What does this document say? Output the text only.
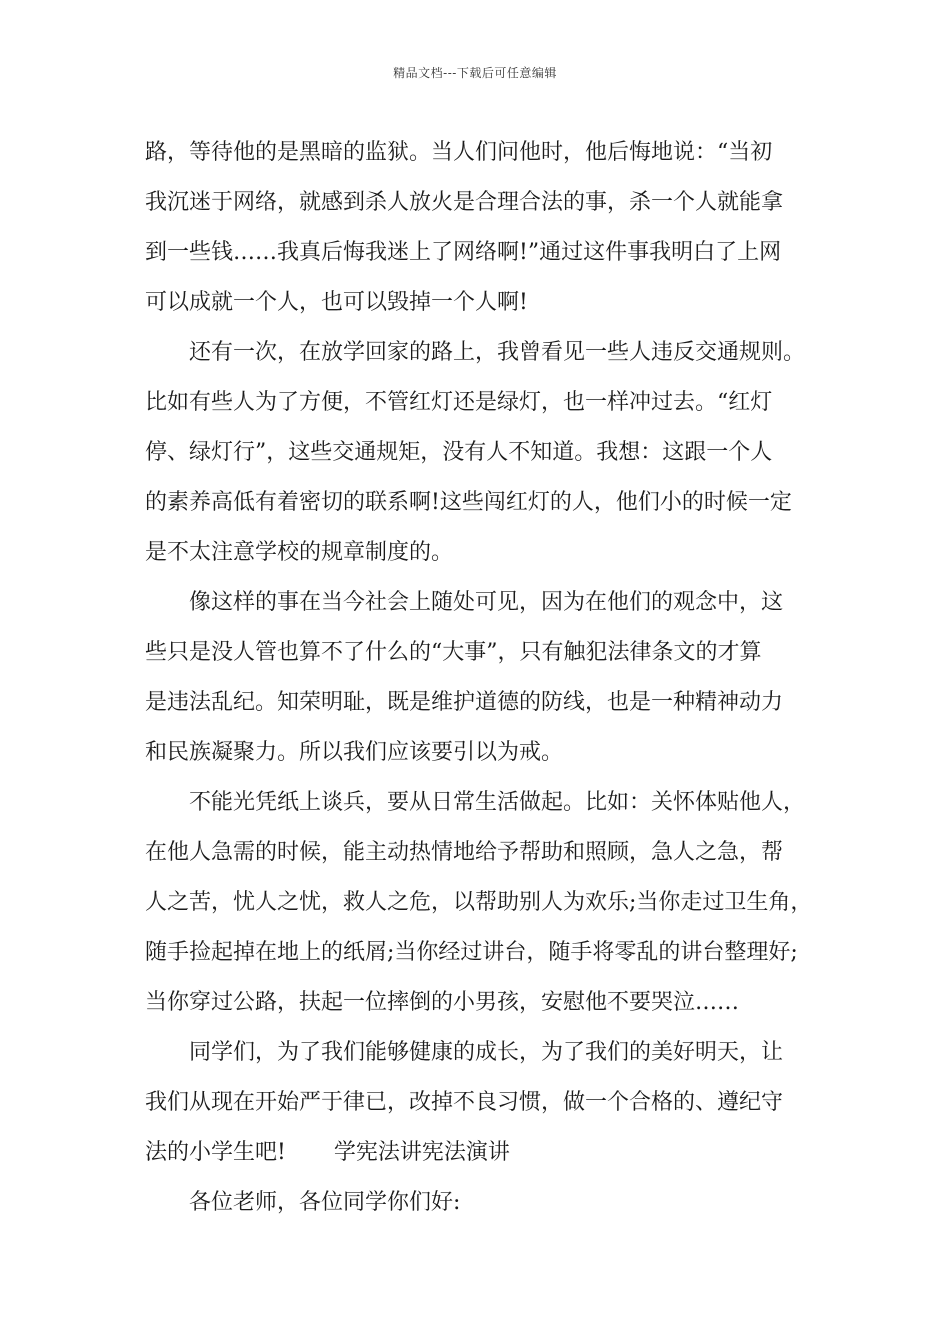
精品文档---下载后可任意编辑
路，等待他的是黑暗的监狱。当人们问他时，他后悔地说：“当初
我沉迷于网络，就感到杀人放火是合理合法的事，杀一个人就能拿
到一些钱……我真后悔我迷上了网络啊!”通过这件事我明白了上网
可以成就一个人，也可以毁掉一个人啊!
还有一次，在放学回家的路上，我曾看见一些人违反交通规则。
比如有些人为了方便，不管红灯还是绿灯，也一样冲过去。“红灯
停、绿灯行”，这些交通规矩，没有人不知道。我想：这跟一个人
的素养高低有着密切的联系啊!这些闯红灯的人，他们小的时候一定
是不太注意学校的规章制度的。
像这样的事在当今社会上随处可见，因为在他们的观念中，这
些只是没人管也算不了什么的“大事”，只有触犯法律条文的才算
是违法乱纪。知荣明耻，既是维护道德的防线，也是一种精神动力
和民族凝聚力。所以我们应该要引以为戒。
不能光凭纸上谈兵，要从日常生活做起。比如：关怀体贴他人，
在他人急需的时候，能主动热情地给予帮助和照顾，急人之急，帮
人之苦，忧人之忧，救人之危，以帮助别人为欢乐;当你走过卫生角，
随手捡起掉在地上的纸屑;当你经过讲台，随手将零乱的讲台整理好;
当你穿过公路，扶起一位摔倒的小男孩，安慰他不要哭泣……
同学们，为了我们能够健康的成长，为了我们的美好明天，让
我们从现在开始严于律已，改掉不良习惯，做一个合格的、遵纪守
法的小学生吧! 学宪法讲宪法演讲
各位老师，各位同学你们好:
